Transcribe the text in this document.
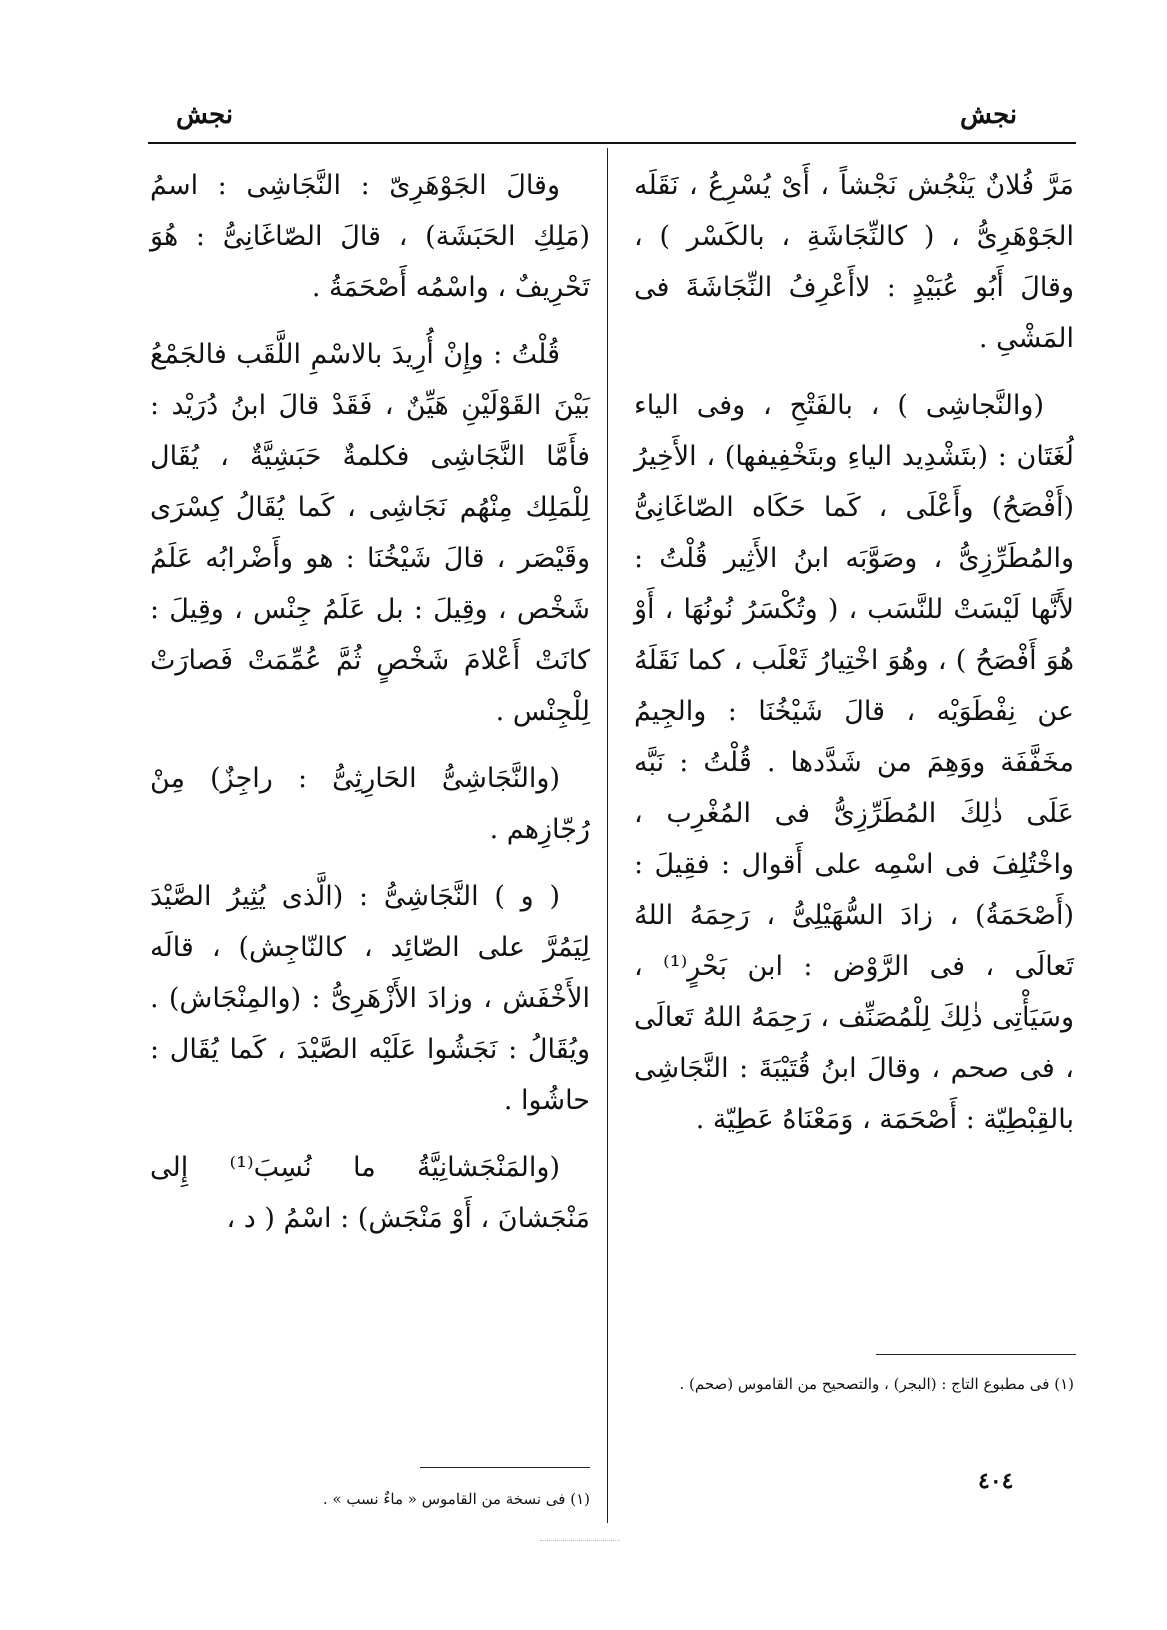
نجش
نجش

مَرَّ فُلانٌ يَنْجُش نَجْشاً ، أَىْ يُسْرِعُ ، نَقَلَه الجَوْهَرِىُّ ، ( كالنِّجَاشَةِ ، بالكَسْر ) ، وقالَ أَبُو عُبَيْدٍ : لاأَعْرِفُ النِّجَاشَةَ فى المَشْىِ .

(والنَّجاشِى ) ، بالفَتْحِ ، وفى الياء لُغَتَان : (بتَشْدِيد الياءِ وبتَخْفِيفها) ، الأَخِيرُ (أَفْصَحُ) وأَعْلَى ، كَما حَكَاه الصّاغَانِىُّ والمُطَرِّزِىُّ ، وصَوَّبَه ابنُ الأَثِير قُلْتُ : لأَنَّها لَيْسَتْ للنَّسَب ، ( وتُكْسَرُ نُونُهَا ، أَوْ هُوَ أَفْصَحُ ) ، وهُوَ اخْتِيارُ ثَعْلَب ، كما نَقَلَهُ عن نِفْطَوَيْه ، قالَ شَيْخُنَا : والجِيمُ مخَفَّفَة ووَهِمَ من شَدَّدها . قُلْتُ : نَبَّه عَلَى ذٰلِكَ المُطَرِّزِىُّ فى المُغْرِب ، واخْتُلِفَ فى اسْمِه على أَقوال : فقِيلَ : (أَصْحَمَةُ) ، زادَ السُّهَيْلِىُّ ، رَحِمَهُ اللهُ تَعالَى ، فى الرَّوْض : ابن بَحْرٍ⁽¹⁾ ، وسَيَأْتِى ذٰلِكَ لِلْمُصَنِّف ، رَحِمَهُ اللهُ تَعالَى ، فى صحم ، وقالَ ابنُ قُتَيْبَةَ : النَّجَاشِى بالقِبْطِيّة : أَصْحَمَة ، وَمَعْنَاهُ عَطِيّة .

وقالَ الجَوْهَرِىّ : النَّجَاشِى : اسمُ (مَلِكِ الحَبَشَة) ، قالَ الصّاغَانِىُّ : هُوَ تَحْرِيفٌ ، واسْمُه أَصْحَمَةُ .

قُلْتُ : وإِنْ أُرِيدَ بالاسْمِ اللَّقَب فالجَمْعُ بَيْنَ القَوْلَيْنِ هَيِّنٌ ، فَقَدْ قالَ ابنُ دُرَيْد : فأَمَّا النَّجَاشِى فكلمةٌ حَبَشِيَّةٌ ، يُقَال لِلْمَلِك مِنْهُم نَجَاشِى ، كَما يُقَالُ كِسْرَى وقَيْصَر ، قالَ شَيْخُنَا : هو وأَضْرابُه عَلَمُ شَخْص ، وقِيلَ : بل عَلَمُ جِنْس ، وقِيلَ : كانَتْ أَعْلامَ شَخْصٍ ثُمَّ عُمِّمَتْ فَصارَتْ لِلْجِنْس .

(والنَّجَاشِىُّ الحَارِثِىُّ : راجِزٌ) مِنْ رُجّازِهم .

( و ) النَّجَاشِىُّ : (الَّذى يُثِيرُ الصَّيْدَ لِيَمُرَّ على الصّائِد ، كالنّاجِش) ، قالَه الأَخْفَش ، وزادَ الأَزْهَرِىُّ : (والمِنْجَاش) . ويُقَالُ : نَجَشُوا عَلَيْه الصَّيْدَ ، كَما يُقَال : حاشُوا .

(والمَنْجَشانِيَّةُ ما نُسِبَ⁽¹⁾ إِلى مَنْجَشانَ ، أَوْ مَنْجَش) : اسْمُ ( د ،

(١) فى مطبوع التاج : (البجر) ، والتصحيح من القاموس (صحم) .
(١) فى نسخة من القاموس « ماءٌ نسب » .
٤٠٤
